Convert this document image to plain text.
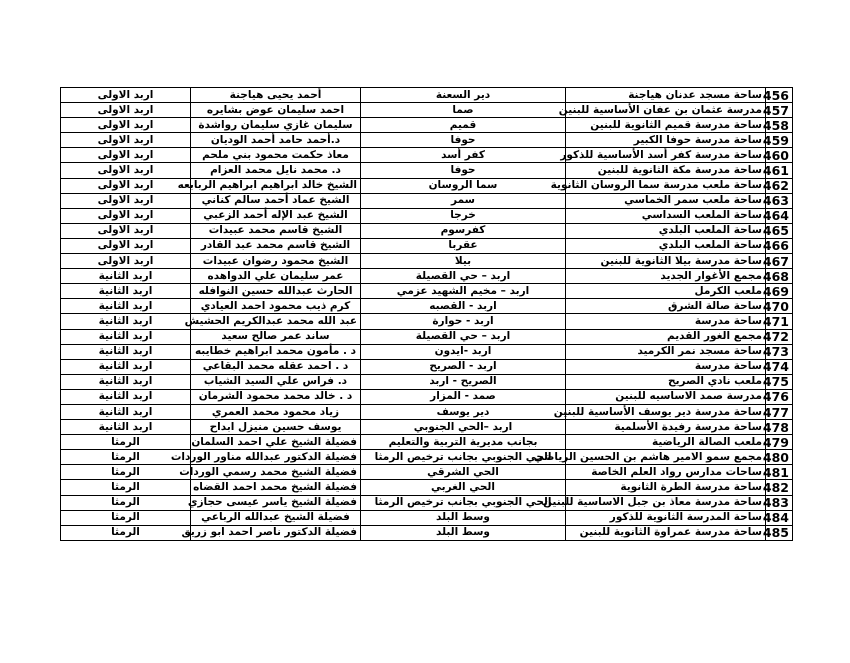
456	ساحة مسجد عدنان هياجنة	دير السعنة	أحمد يحيى هياجنة	اربد الاولى
457	مدرسة عثمان بن عفان الأساسية للبنين	صما	احمد سليمان عوض بشايره	اربد الاولى
458	ساحة مدرسة قميم الثانوية للبنين	قميم	سليمان غازي سليمان رواشدة	اربد الاولى
459	ساحة مدرسة حوفا الكبير	حوفا	د.أحمد حامد أحمد الوديان	اربد الاولى
460	ساحة مدرسة كفر أسد الأساسية للذكور	كفر أسد	معاذ حكمت محمود بني ملحم	اربد الاولى
461	ساحة مدرسة مكة الثانوية للبنين	حوفا	د. محمد نايل محمد العزام	اربد الاولى
462	ساحة ملعب مدرسة سما الروسان الثانوية	سما الروسان	الشيخ خالد ابراهيم ابراهيم الربابعه	اربد الاولى
463	ساحة ملعب سمر الخماسي	سمر	الشيخ عماد أحمد سالم كناني	اربد الاولى
464	ساحة الملعب السداسي	خرجا	الشيخ عبد الإله أحمد الزعبي	اربد الاولى
465	ساحة الملعب البلدي	كفرسوم	الشيخ قاسم محمد عبيدات	اربد الاولى
466	ساحة الملعب البلدي	عقربا	الشيخ قاسم محمد عبد القادر	اربد الاولى
467	ساحة مدرسة بيلا الثانوية للبنين	بيلا	الشيخ محمود رضوان عبيدات	اربد الاولى
468	مجمع الأغوار الجديد	اربد – حي القصيلة	عمر سليمان علي الدواهده	اربد الثانية
469	ملعب الكرمل	اربد – مخيم الشهيد عزمي	الحارث عبدالله حسين النوافله	اربد الثانية
470	ساحة صالة الشرق	اربد - القصبه	كرم ذيب محمود احمد العيادي	اربد الثانية
471	ساحة مدرسة	اربد - حوارة	عبد الله محمد عبدالكريم الحشيش	اربد الثانية
472	مجمع الغور القديم	اربد – حي القصيلة	ساند عمر صالح سعيد	اربد الثانية
473	ساحة مسجد نمر الكرميد	اربد -ايدون	د . مأمون محمد ابراهيم خطايبه	اربد الثانية
474	ساحة مدرسة	اربد - الصريح	د . احمد عقله محمد البقاعي	اربد الثانية
475	ملعب نادي الصريح	الصريح - اربد	د. فراس علي السيد الشياب	اربد الثانية
476	مدرسة صمد الاساسيه للبنين	صمد - المزار	د . خالد محمد محمود الشرمان	اربد الثانية
477	ساحة مدرسة دير يوسف الأساسية للبنين	دير يوسف	زياد محمود محمد العمري	اربد الثانية
478	ساحة مدرسة رفيدة الأسلمية	اربد –الحي الجنوبي	يوسف حسين منيزل ابداح	اربد الثانية
479	ملعب الصالة الرياضية	بجانب مديرية التربية والتعليم	فضيلة الشيخ علي احمد السلمان	الرمثا
480	مجمع سمو الامير هاشم بن الحسين الرياضي	الحي الجنوبي بجانب ترخيص الرمثا	فضيلة الدكتور عبدالله مناور الوردات	الرمثا
481	ساحات مدارس رواد العلم الخاصة	الحي الشرقي	فضيلة الشيخ محمد رسمي الوردات	الرمثا
482	ساحة مدرسة الطرة الثانوية	الحي الغربي	فضيلة الشيخ محمد احمد القضاه	الرمثا
483	ساحة مدرسة معاذ بن جبل الاساسية للبنين	الحي الجنوبي بجانب ترخيص الرمثا	فضيلة الشيخ ياسر عيسى حجازي	الرمثا
484	ساحة المدرسة الثانوية للذكور	وسط البلد	فضيلة الشيخ عبدالله الرباعي	الرمثا
485	ساحة مدرسة عمراوة الثانوية للبنين	وسط البلد	فضيلة الدكتور ناصر احمد ابو زريق	الرمثا
